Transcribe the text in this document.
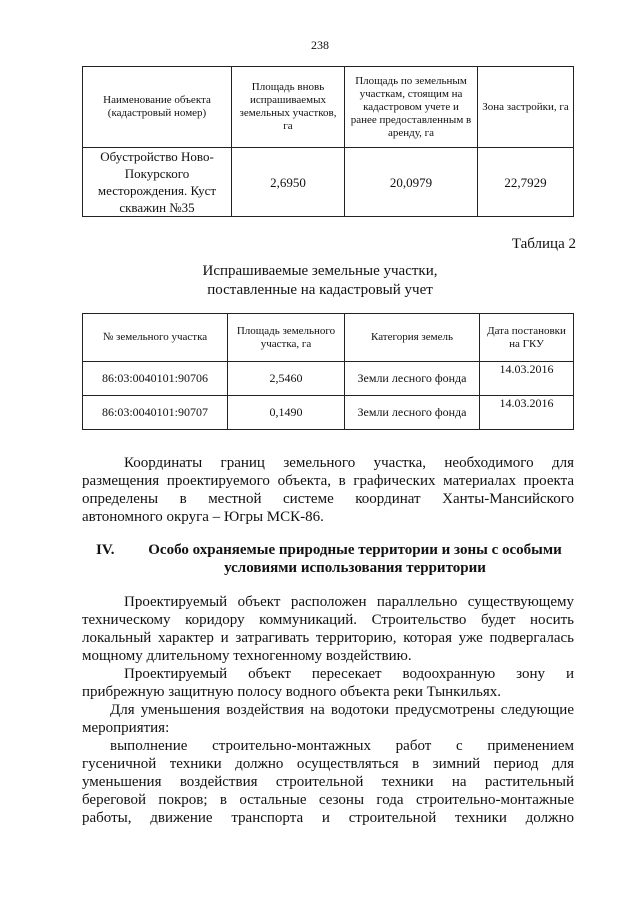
238
Наименование объекта (кадастровый номер)	Площадь вновь испрашиваемых земельных участков, га	Площадь по земельным участкам, стоящим на кадастровом учете и ранее предоставленным в аренду, га	Зона застройки, га
Обустройство Ново-Покурского месторождения. Куст скважин №35	2,6950	20,0979	22,7929
Таблица 2
Испрашиваемые земельные участки,
поставленные на кадастровый учет
№ земельного участка	Площадь земельного участка, га	Категория земель	Дата постановки на ГКУ
86:03:0040101:90706	2,5460	Земли лесного фонда	14.03.2016
86:03:0040101:90707	0,1490	Земли лесного фонда	14.03.2016
Координаты границ земельного участка, необходимого для
размещения проектируемого объекта, в графических материалах проекта
определены в местной системе координат Ханты-Мансийского
автономного округа – Югры МСК-86.
IV.	Особо охраняемые природные территории и зоны с особыми условиями использования территории
Проектируемый объект расположен параллельно существующему
техническому коридору коммуникаций. Строительство будет носить
локальный характер и затрагивать территорию, которая уже подвергалась
мощному длительному техногенному воздействию.
Проектируемый объект пересекает водоохранную зону и
прибрежную защитную полосу водного объекта реки Тынкильях.
Для уменьшения воздействия на водотоки предусмотрены следующие
мероприятия:
выполнение строительно-монтажных работ с применением
гусеничной техники должно осуществляться в зимний период для
уменьшения воздействия строительной техники на растительный
береговой покров; в остальные сезоны года строительно-монтажные
работы, движение транспорта и строительной техники должно
